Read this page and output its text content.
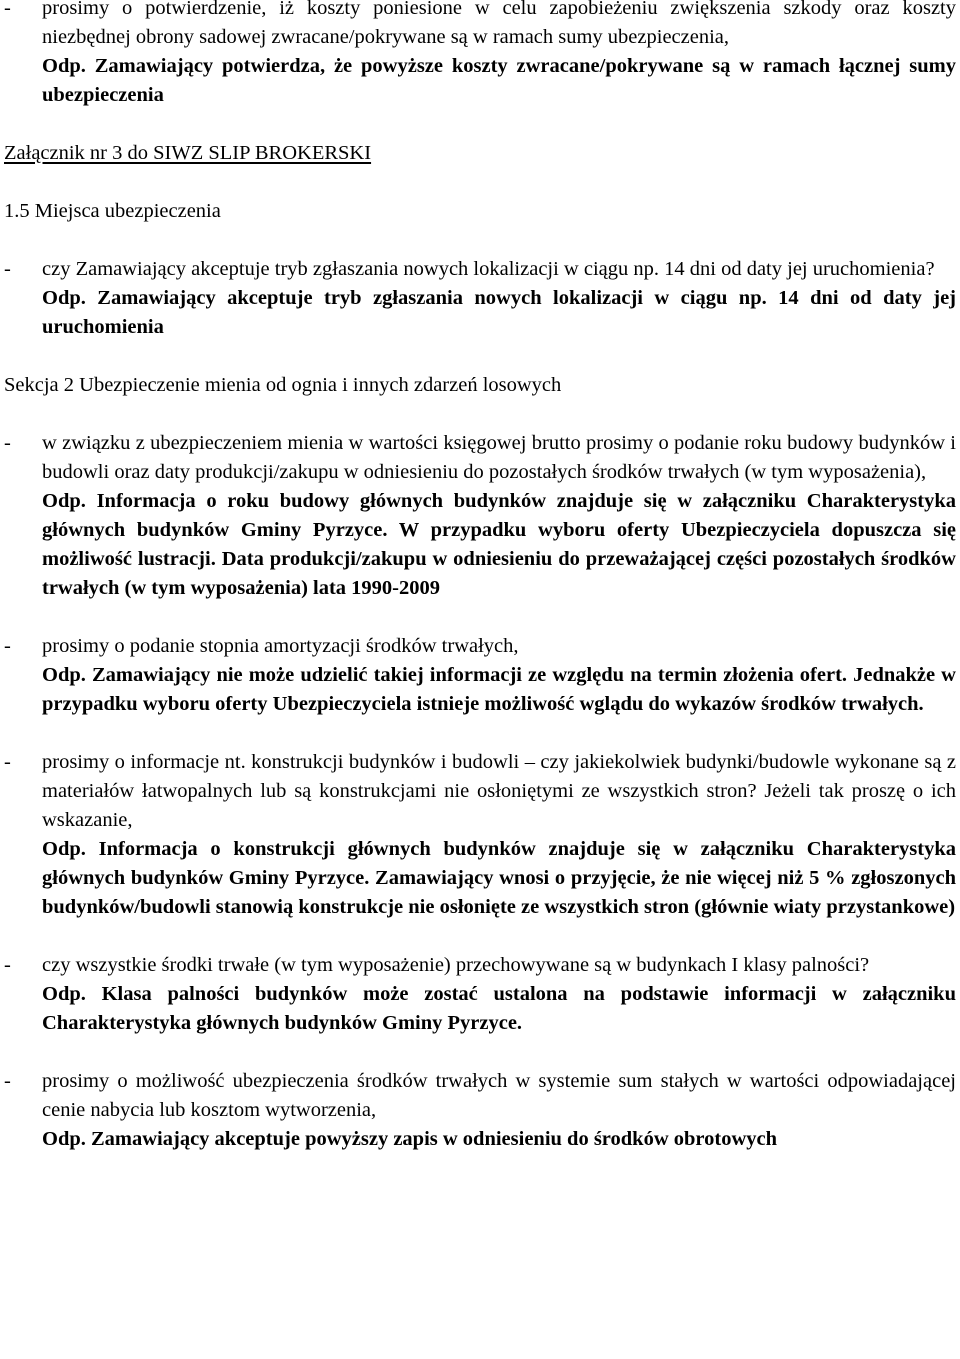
- prosimy o potwierdzenie, iż koszty poniesione w celu zapobieżeniu zwiększenia szkody oraz koszty niezbędnej obrony sadowej zwracane/pokrywane są w ramach sumy ubezpieczenia,

Odp. Zamawiający potwierdza, że powyższe koszty zwracane/pokrywane są w ramach łącznej sumy ubezpieczenia

Załącznik nr 3 do SIWZ SLIP BROKERSKI

1.5 Miejsca ubezpieczenia

- czy Zamawiający akceptuje tryb zgłaszania nowych lokalizacji w ciągu np. 14 dni od daty jej uruchomienia?

Odp. Zamawiający akceptuje tryb zgłaszania nowych lokalizacji w ciągu np. 14 dni od daty jej uruchomienia

Sekcja 2 Ubezpieczenie mienia od ognia i innych zdarzeń losowych

- w związku z ubezpieczeniem mienia w wartości księgowej brutto prosimy o podanie roku budowy budynków i budowli oraz daty produkcji/zakupu w odniesieniu do pozostałych środków trwałych (w tym wyposażenia),

Odp. Informacja o roku budowy głównych budynków znajduje się w załączniku Charakterystyka głównych budynków Gminy Pyrzyce. W przypadku wyboru oferty Ubezpieczyciela dopuszcza się możliwość lustracji. Data produkcji/zakupu w odniesieniu do przeważającej części pozostałych środków trwałych (w tym wyposażenia) lata 1990-2009

- prosimy o podanie stopnia amortyzacji środków trwałych,

Odp. Zamawiający nie może udzielić takiej informacji ze względu na termin złożenia ofert. Jednakże w przypadku wyboru oferty Ubezpieczyciela istnieje możliwość wglądu do wykazów środków trwałych.

- prosimy o informacje nt. konstrukcji budynków i budowli – czy jakiekolwiek budynki/budowle wykonane są z materiałów łatwopalnych lub są konstrukcjami nie osłoniętymi ze wszystkich stron? Jeżeli tak proszę o ich wskazanie,

Odp. Informacja o konstrukcji głównych budynków znajduje się w załączniku Charakterystyka głównych budynków Gminy Pyrzyce. Zamawiający wnosi o przyjęcie, że nie więcej niż 5 % zgłoszonych budynków/budowli stanowią konstrukcje nie osłonięte ze wszystkich stron (głównie wiaty przystankowe)

- czy wszystkie środki trwałe (w tym wyposażenie) przechowywane są w budynkach I klasy palności?

Odp. Klasa palności budynków może zostać ustalona na podstawie informacji w załączniku Charakterystyka głównych budynków Gminy Pyrzyce.

- prosimy o możliwość ubezpieczenia środków trwałych w systemie sum stałych w wartości odpowiadającej cenie nabycia lub kosztom wytworzenia,

Odp. Zamawiający akceptuje powyższy zapis w odniesieniu do środków obrotowych
